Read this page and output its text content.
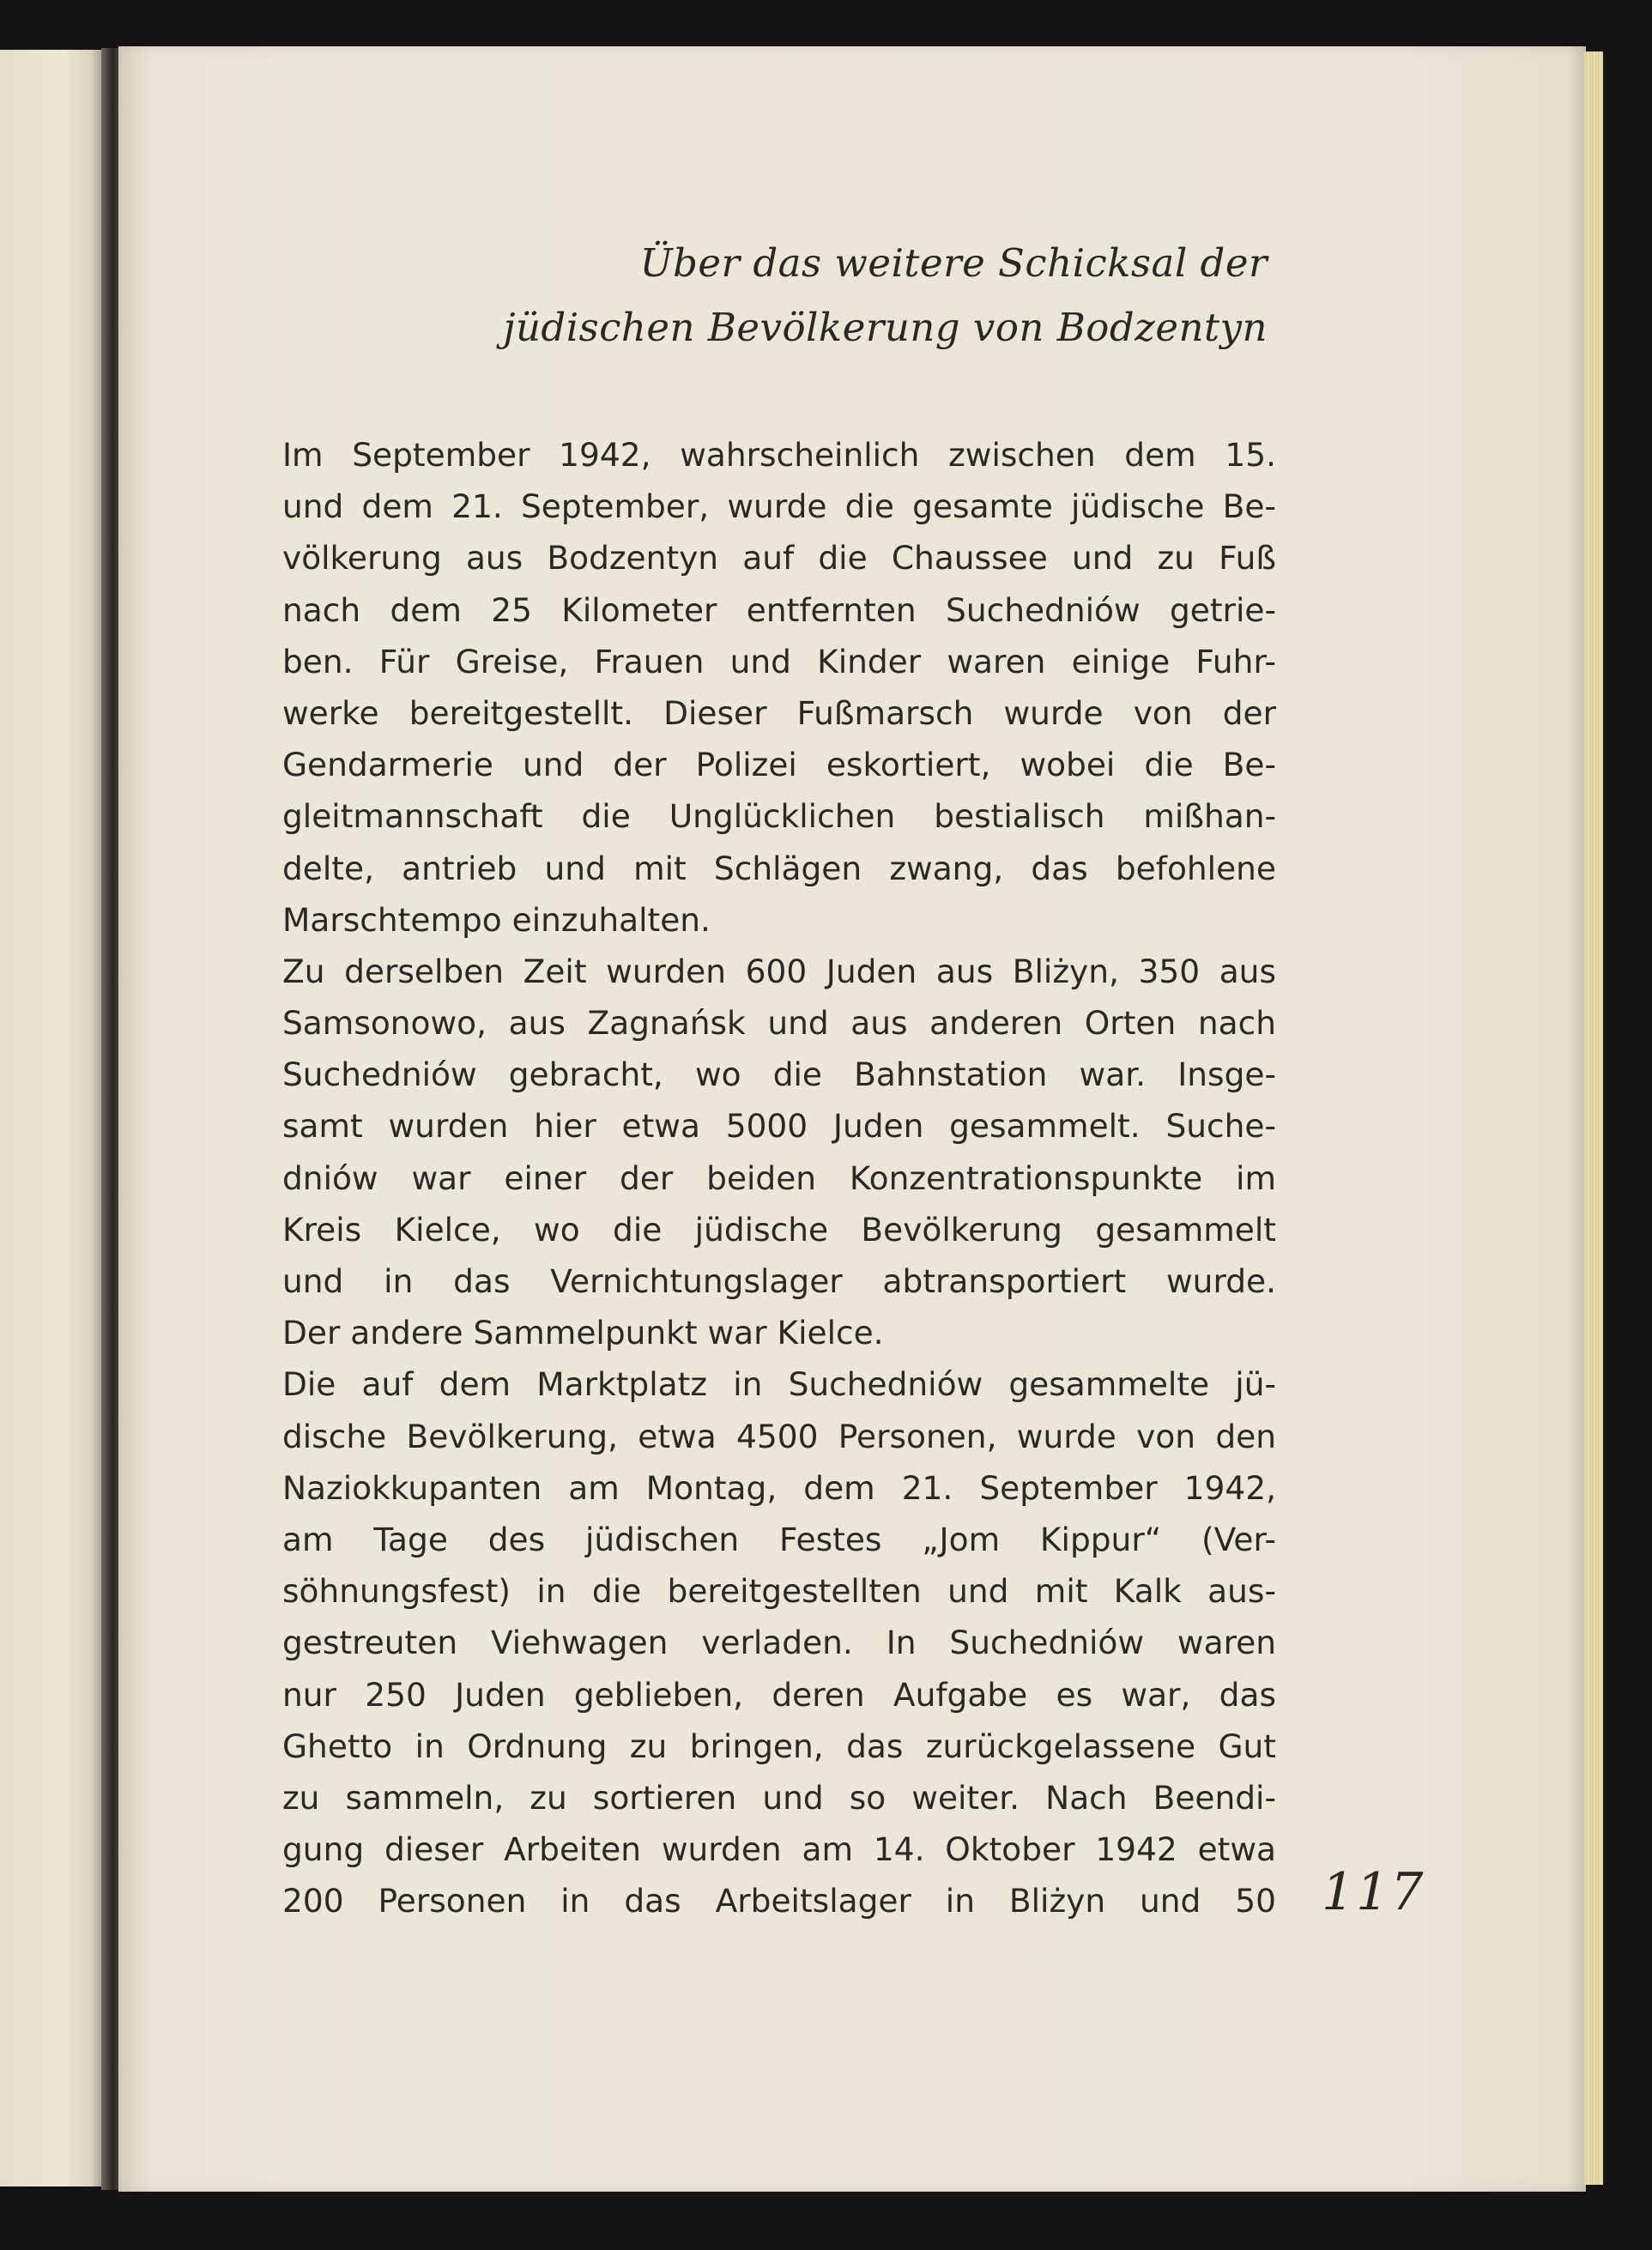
Über das weitere Schicksal der
jüdischen Bevölkerung von Bodzentyn
Im September 1942, wahrscheinlich zwischen dem 15.
und dem 21. September, wurde die gesamte jüdische Be-
völkerung aus Bodzentyn auf die Chaussee und zu Fuß
nach dem 25 Kilometer entfernten Suchedniów getrie-
ben. Für Greise, Frauen und Kinder waren einige Fuhr-
werke bereitgestellt. Dieser Fußmarsch wurde von der
Gendarmerie und der Polizei eskortiert, wobei die Be-
gleitmannschaft die Unglücklichen bestialisch mißhan-
delte, antrieb und mit Schlägen zwang, das befohlene
Marschtempo einzuhalten.
Zu derselben Zeit wurden 600 Juden aus Bliżyn, 350 aus
Samsonowo, aus Zagnańsk und aus anderen Orten nach
Suchedniów gebracht, wo die Bahnstation war. Insge-
samt wurden hier etwa 5000 Juden gesammelt. Suche-
dniów war einer der beiden Konzentrationspunkte im
Kreis Kielce, wo die jüdische Bevölkerung gesammelt
und in das Vernichtungslager abtransportiert wurde.
Der andere Sammelpunkt war Kielce.
Die auf dem Marktplatz in Suchedniów gesammelte jü-
dische Bevölkerung, etwa 4500 Personen, wurde von den
Naziokkupanten am Montag, dem 21. September 1942,
am Tage des jüdischen Festes „Jom Kippur“ (Ver-
söhnungsfest) in die bereitgestellten und mit Kalk aus-
gestreuten Viehwagen verladen. In Suchedniów waren
nur 250 Juden geblieben, deren Aufgabe es war, das
Ghetto in Ordnung zu bringen, das zurückgelassene Gut
zu sammeln, zu sortieren und so weiter. Nach Beendi-
gung dieser Arbeiten wurden am 14. Oktober 1942 etwa
200 Personen in das Arbeitslager in Bliżyn und 50 117
